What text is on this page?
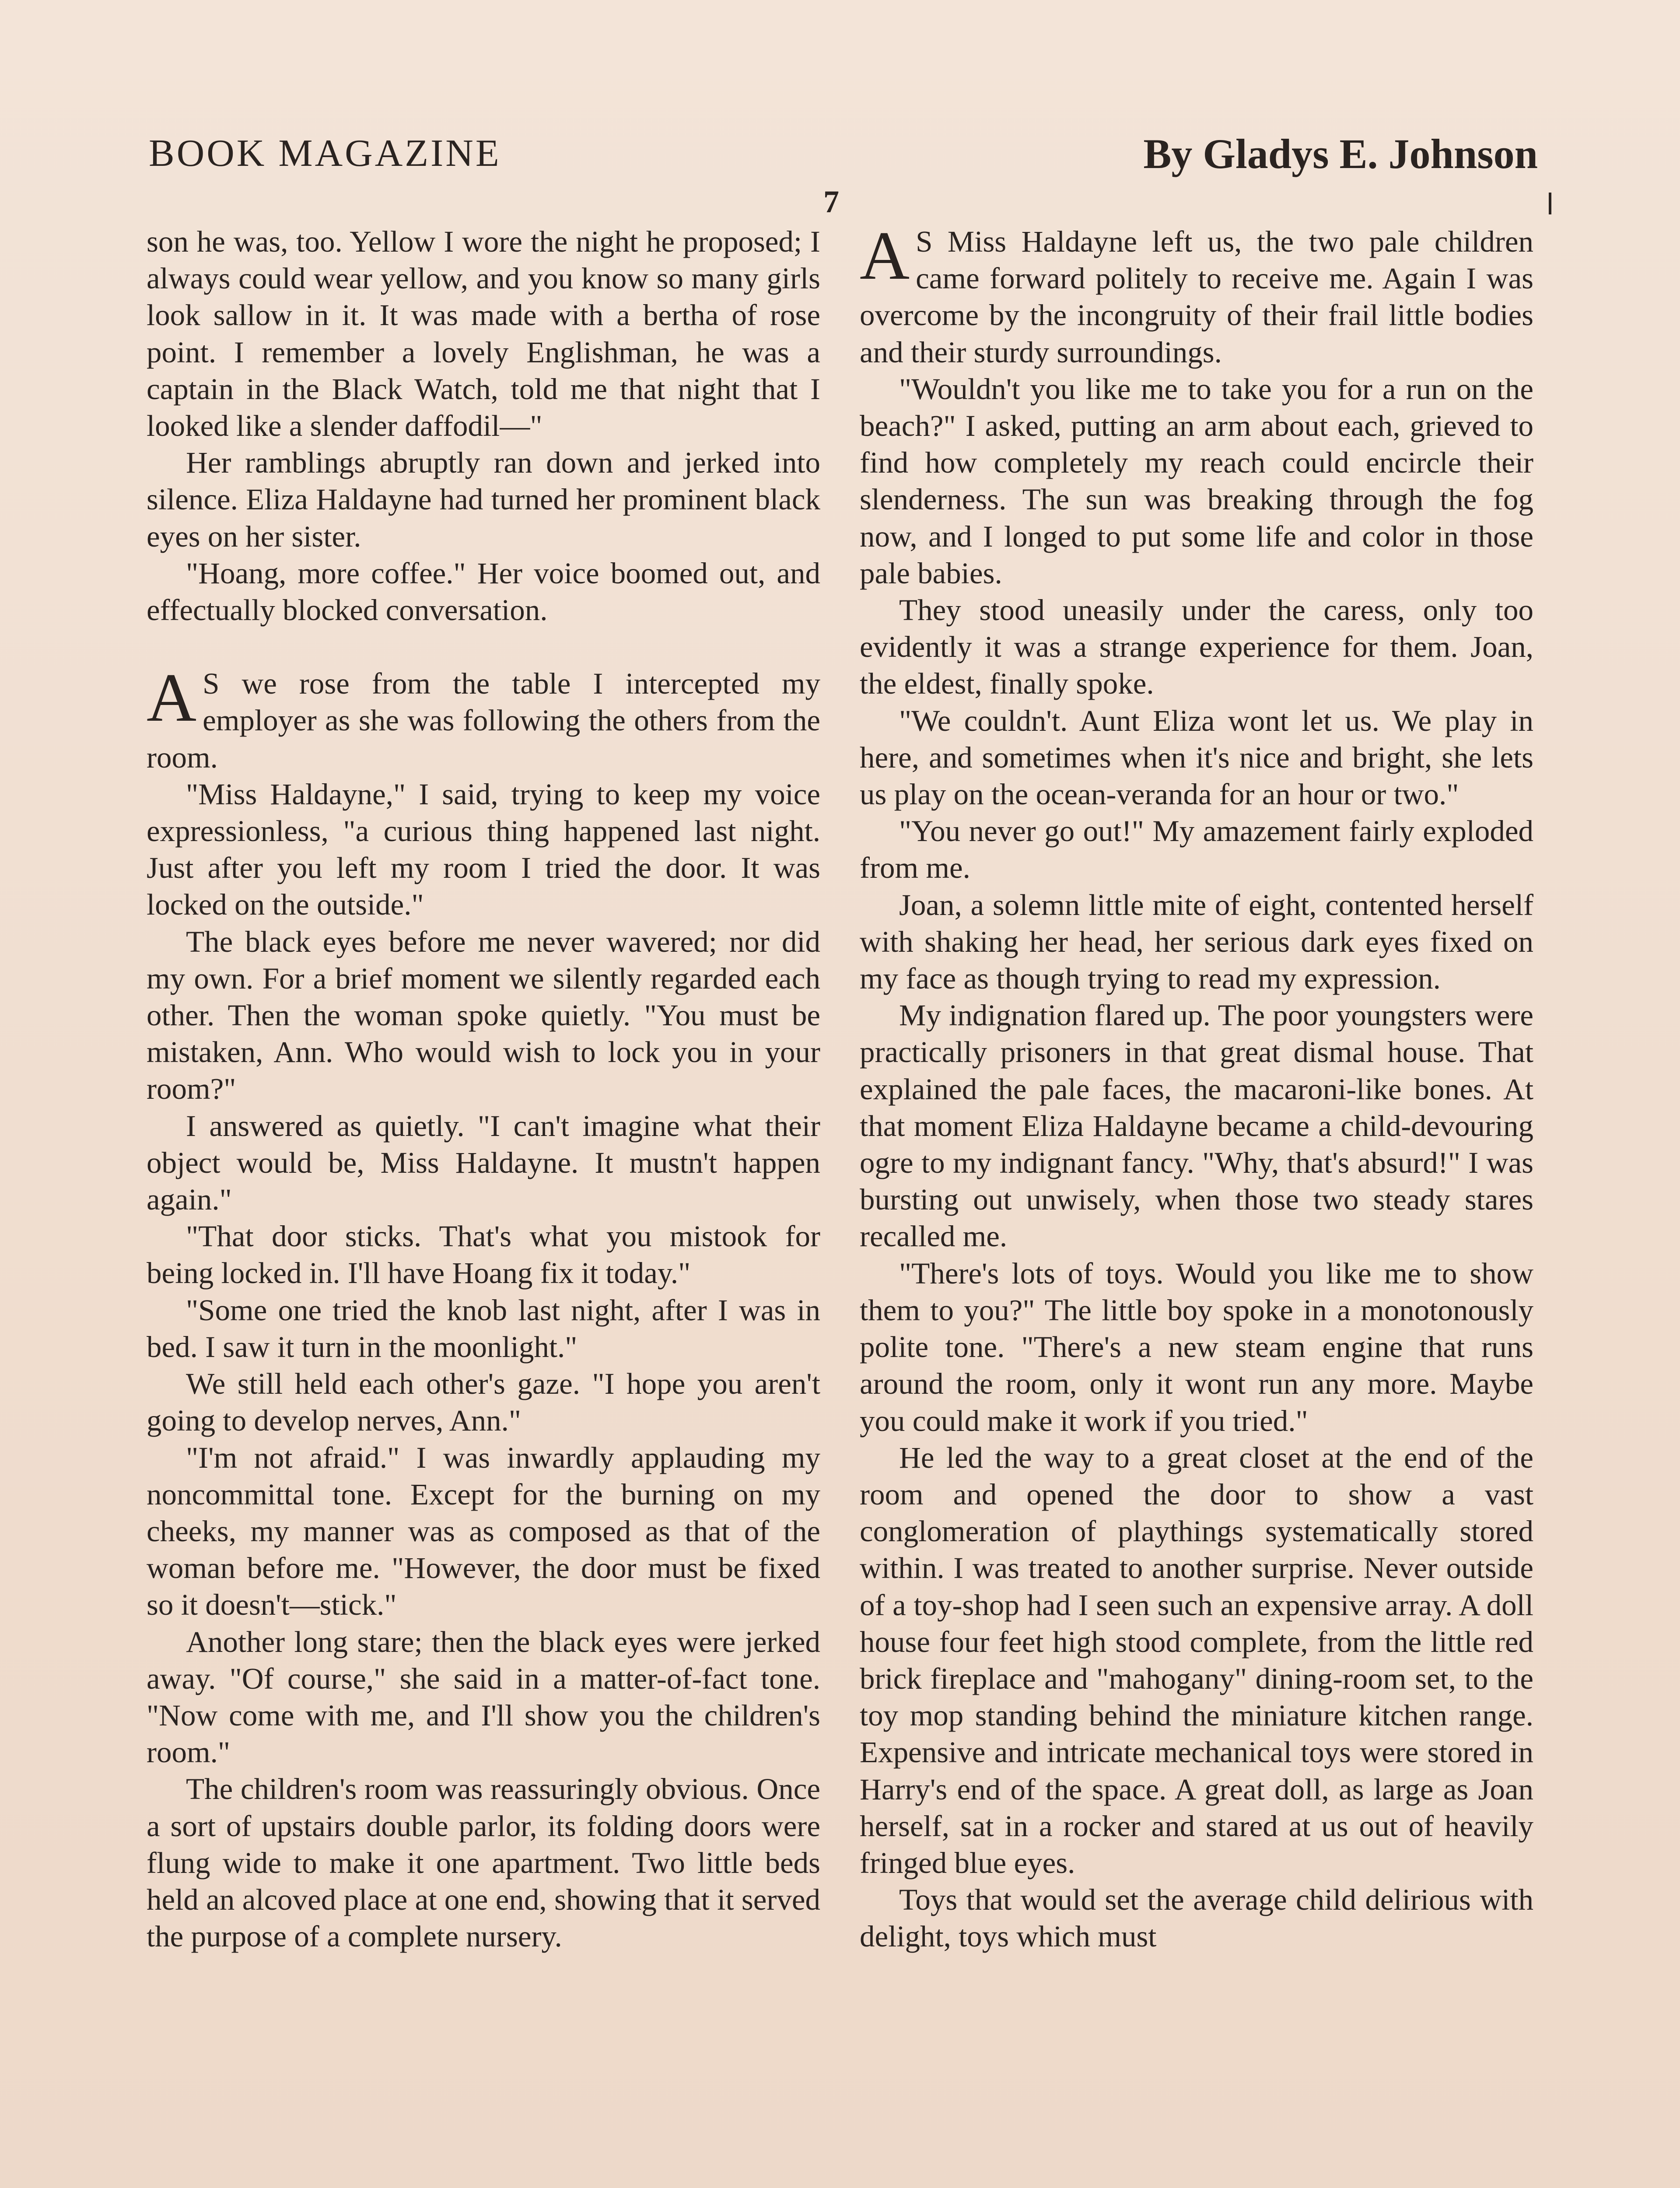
BOOK MAGAZINE	By Gladys E. Johnson
7

son he was, too. Yellow I wore the night he proposed; I always could wear yellow, and you know so many girls look sallow in it. It was made with a bertha of rose point. I remember a lovely Englishman, he was a captain in the Black Watch, told me that night that I looked like a slender daffodil—"

Her ramblings abruptly ran down and jerked into silence. Eliza Haldayne had turned her prominent black eyes on her sister.

"Hoang, more coffee." Her voice boomed out, and effectually blocked conversation.

A S we rose from the table I intercepted my employer as she was following the others from the room.

"Miss Haldayne," I said, trying to keep my voice expressionless, "a curious thing happened last night. Just after you left my room I tried the door. It was locked on the outside."

The black eyes before me never wavered; nor did my own. For a brief moment we silently regarded each other. Then the woman spoke quietly. "You must be mistaken, Ann. Who would wish to lock you in your room?"

I answered as quietly. "I can't imagine what their object would be, Miss Haldayne. It mustn't happen again."

"That door sticks. That's what you mistook for being locked in. I'll have Hoang fix it today."

"Some one tried the knob last night, after I was in bed. I saw it turn in the moonlight."

We still held each other's gaze. "I hope you aren't going to develop nerves, Ann."

"I'm not afraid." I was inwardly applauding my noncommittal tone. Except for the burning on my cheeks, my manner was as composed as that of the woman before me. "However, the door must be fixed so it doesn't—stick."

Another long stare; then the black eyes were jerked away. "Of course," she said in a matter-of-fact tone. "Now come with me, and I'll show you the children's room."

The children's room was reassuringly obvious. Once a sort of upstairs double parlor, its folding doors were flung wide to make it one apartment. Two little beds held an alcoved place at one end, showing that it served the purpose of a complete nursery.

A S Miss Haldayne left us, the two pale children came forward politely to receive me. Again I was overcome by the incongruity of their frail little bodies and their sturdy surroundings.

"Wouldn't you like me to take you for a run on the beach?" I asked, putting an arm about each, grieved to find how completely my reach could encircle their slenderness. The sun was breaking through the fog now, and I longed to put some life and color in those pale babies.

They stood uneasily under the caress, only too evidently it was a strange experience for them. Joan, the eldest, finally spoke.

"We couldn't. Aunt Eliza wont let us. We play in here, and sometimes when it's nice and bright, she lets us play on the ocean-veranda for an hour or two."

"You never go out!" My amazement fairly exploded from me.

Joan, a solemn little mite of eight, contented herself with shaking her head, her serious dark eyes fixed on my face as though trying to read my expression.

My indignation flared up. The poor youngsters were practically prisoners in that great dismal house. That explained the pale faces, the macaroni-like bones. At that moment Eliza Haldayne became a child-devouring ogre to my indignant fancy. "Why, that's absurd!" I was bursting out unwisely, when those two steady stares recalled me.

"There's lots of toys. Would you like me to show them to you?" The little boy spoke in a monotonously polite tone. "There's a new steam engine that runs around the room, only it wont run any more. Maybe you could make it work if you tried."

He led the way to a great closet at the end of the room and opened the door to show a vast conglomeration of playthings systematically stored within. I was treated to another surprise. Never outside of a toy-shop had I seen such an expensive array. A doll house four feet high stood complete, from the little red brick fireplace and "mahogany" dining-room set, to the toy mop standing behind the miniature kitchen range. Expensive and intricate mechanical toys were stored in Harry's end of the space. A great doll, as large as Joan herself, sat in a rocker and stared at us out of heavily fringed blue eyes.

Toys that would set the average child delirious with delight, toys which must
